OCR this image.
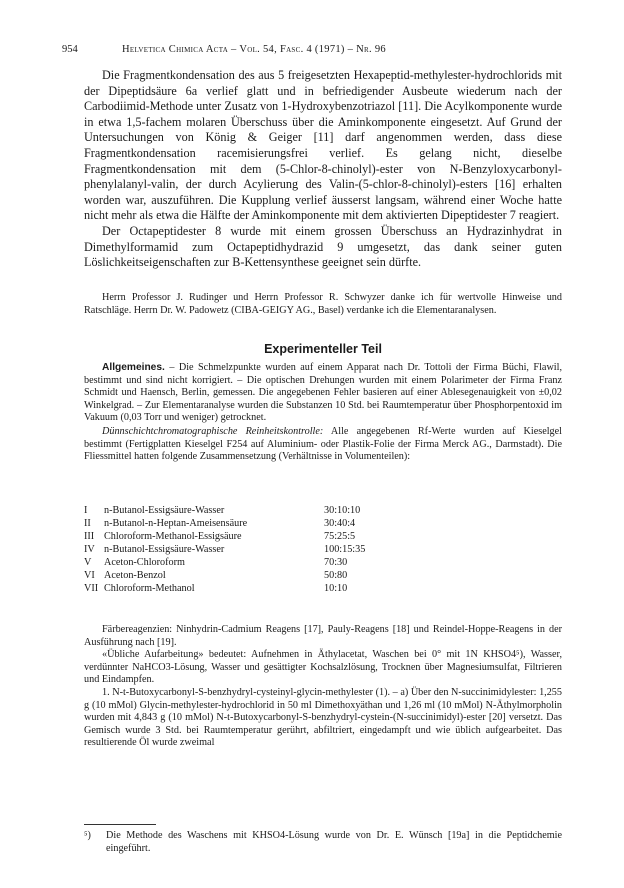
954	Helvetica Chimica Acta – Vol. 54, Fasc. 4 (1971) – Nr. 96

Die Fragmentkondensation des aus 5 freigesetzten Hexapeptid-methylester-hydrochlorids mit der Dipeptidsäure 6a verlief glatt und in befriedigender Ausbeute wiederum nach der Carbodiimid-Methode unter Zusatz von 1-Hydroxybenzotriazol [11]. Die Acylkomponente wurde in etwa 1,5-fachem molaren Überschuss über die Aminkomponente eingesetzt. Auf Grund der Untersuchungen von König & Geiger [11] darf angenommen werden, dass diese Fragmentkondensation racemisierungsfrei verlief. Es gelang nicht, dieselbe Fragmentkondensation mit dem (5-Chlor-8-chinolyl)-ester von N-Benzyloxycarbonyl-phenylalanyl-valin, der durch Acylierung des Valin-(5-chlor-8-chinolyl)-esters [16] erhalten worden war, auszuführen. Die Kupplung verlief äusserst langsam, während einer Woche hatte nicht mehr als etwa die Hälfte der Aminkomponente mit dem aktivierten Dipeptidester 7 reagiert.

Der Octapeptidester 8 wurde mit einem grossen Überschuss an Hydrazinhydrat in Dimethylformamid zum Octapeptidhydrazid 9 umgesetzt, das dank seiner guten Löslichkeitseigenschaften zur B-Kettensynthese geeignet sein dürfte.

Herrn Professor J. Rudinger und Herrn Professor R. Schwyzer danke ich für wertvolle Hinweise und Ratschläge. Herrn Dr. W. Padowetz (CIBA-GEIGY AG., Basel) verdanke ich die Elementaranalysen.

Experimenteller Teil

Allgemeines. – Die Schmelzpunkte wurden auf einem Apparat nach Dr. Tottoli der Firma Büchi, Flawil, bestimmt und sind nicht korrigiert. – Die optischen Drehungen wurden mit einem Polarimeter der Firma Franz Schmidt und Haensch, Berlin, gemessen. Die angegebenen Fehler basieren auf einer Ablesegenauigkeit von ±0,02 Winkelgrad. – Zur Elementaranalyse wurden die Substanzen 10 Std. bei Raumtemperatur über Phosphorpentoxid im Vakuum (0,03 Torr und weniger) getrocknet.

Dünnschichtchromatographische Reinheitskontrolle: Alle angegebenen Rf-Werte wurden auf Kieselgel bestimmt (Fertigplatten Kieselgel F254 auf Aluminium- oder Plastik-Folie der Firma Merck AG., Darmstadt). Die Fliessmittel hatten folgende Zusammensetzung (Verhältnisse in Volumenteilen):

I	n-Butanol-Essigsäure-Wasser	30:10:10
II	n-Butanol-n-Heptan-Ameisensäure	30:40:4
III Chloroform-Methanol-Essigsäure	75:25:5
IV n-Butanol-Essigsäure-Wasser	100:15:35
V	Aceton-Chloroform	70:30
VI Aceton-Benzol	50:80
VII Chloroform-Methanol	10:10

Färbereagenzien: Ninhydrin-Cadmium Reagens [17], Pauly-Reagens [18] und Reindel-Hoppe-Reagens in der Ausführung nach [19].

«Übliche Aufarbeitung» bedeutet: Aufnehmen in Äthylacetat, Waschen bei 0° mit 1N KHSO4⁵), Wasser, verdünnter NaHCO3-Lösung, Wasser und gesättigter Kochsalzlösung, Trocknen über Magnesiumsulfat, Filtrieren und Eindampfen.

1. N-t-Butoxycarbonyl-S-benzhydryl-cysteinyl-glycin-methylester (1). – a) Über den N-succinimidylester: 1,255 g (10 mMol) Glycin-methylester-hydrochlorid in 50 ml Dimethoxyäthan und 1,26 ml (10 mMol) N-Äthylmorpholin wurden mit 4,843 g (10 mMol) N-t-Butoxycarbonyl-S-benzhydryl-cystein-(N-succinimidyl)-ester [20] versetzt. Das Gemisch wurde 3 Std. bei Raumtemperatur gerührt, abfiltriert, eingedampft und wie üblich aufgearbeitet. Das resultierende Öl wurde zweimal

⁵)	Die Methode des Waschens mit KHSO4-Lösung wurde von Dr. E. Wünsch [19a] in die Peptidchemie eingeführt.
